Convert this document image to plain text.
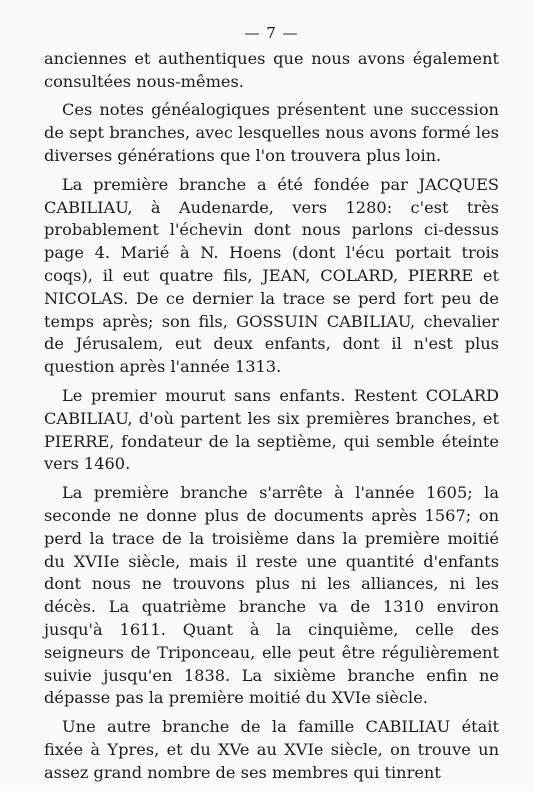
— 7 —

anciennes et authentiques que nous avons également consultées nous-mêmes.

Ces notes généalogiques présentent une succession de sept branches, avec lesquelles nous avons formé les diverses générations que l'on trouvera plus loin.

La première branche a été fondée par JACQUES CABILIAU, à Audenarde, vers 1280: c'est très probablement l'échevin dont nous parlons ci-dessus page 4. Marié à N. Hoens (dont l'écu portait trois coqs), il eut quatre fils, JEAN, COLARD, PIERRE et NICOLAS. De ce dernier la trace se perd fort peu de temps après; son fils, GOSSUIN CABILIAU, chevalier de Jérusalem, eut deux enfants, dont il n'est plus question après l'année 1313.

Le premier mourut sans enfants. Restent COLARD CABILIAU, d'où partent les six premières branches, et PIERRE, fondateur de la septième, qui semble éteinte vers 1460.

La première branche s'arrête à l'année 1605; la seconde ne donne plus de documents après 1567; on perd la trace de la troisième dans la première moitié du XVIIe siècle, mais il reste une quantité d'enfants dont nous ne trouvons plus ni les alliances, ni les décès. La quatrième branche va de 1310 environ jusqu'à 1611. Quant à la cinquième, celle des seigneurs de Triponceau, elle peut être régulièrement suivie jusqu'en 1838. La sixième branche enfin ne dépasse pas la première moitié du XVIe siècle.

Une autre branche de la famille CABILIAU était fixée à Ypres, et du XVe au XVIe siècle, on trouve un assez grand nombre de ses membres qui tinrent
